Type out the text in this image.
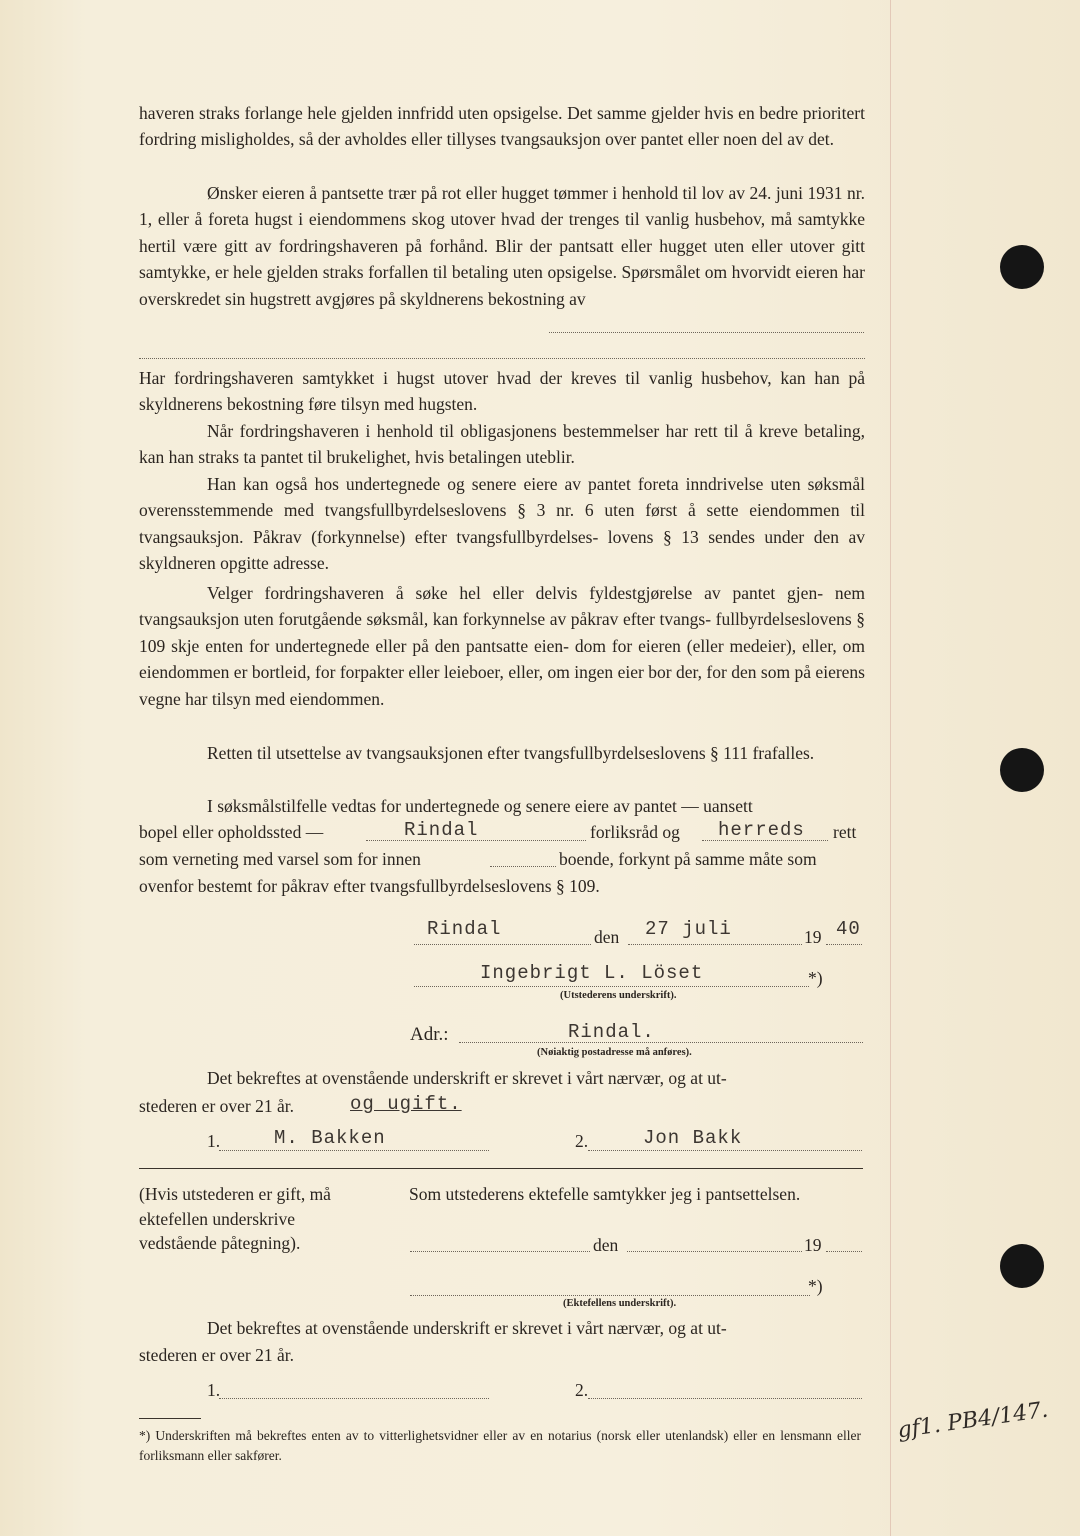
haveren straks forlange hele gjelden innfridd uten opsigelse. Det samme gjelder hvis en bedre prioritert fordring misligholdes, så der avholdes eller tillyses tvangsauksjon over pantet eller noen del av det.

Ønsker eieren å pantsette trær på rot eller hugget tømmer i henhold til lov av 24. juni 1931 nr. 1, eller å foreta hugst i eiendommens skog utover hvad der trenges til vanlig husbehov, må samtykke hertil være gitt av fordringshaveren på forhånd. Blir der pantsatt eller hugget uten eller utover gitt samtykke, er hele gjelden straks forfallen til betaling uten opsigelse. Spørsmålet om hvorvidt eieren har overskredet sin hugstrett avgjøres på skyldnerens bekostning av

Har fordringshaveren samtykket i hugst utover hvad der kreves til vanlig husbehov, kan han på skyldnerens bekostning føre tilsyn med hugsten.

Når fordringshaveren i henhold til obligasjonens bestemmelser har rett til å kreve betaling, kan han straks ta pantet til brukelighet, hvis betalingen uteblir.

Han kan også hos undertegnede og senere eiere av pantet foreta inndrivelse uten søksmål overensstemmende med tvangsfullbyrdelseslovens § 3 nr. 6 uten først å sette eiendommen til tvangsauksjon. Påkrav (forkynnelse) efter tvangsfullbyrdelses- lovens § 13 sendes under den av skyldneren opgitte adresse.

Velger fordringshaveren å søke hel eller delvis fyldestgjørelse av pantet gjen- nem tvangsauksjon uten forutgående søksmål, kan forkynnelse av påkrav efter tvangs- fullbyrdelseslovens § 109 skje enten for undertegnede eller på den pantsatte eien- dom for eieren (eller medeier), eller, om eiendommen er bortleid, for forpakter eller leieboer, eller, om ingen eier bor der, for den som på eierens vegne har tilsyn med eiendommen.

Retten til utsettelse av tvangsauksjonen efter tvangsfullbyrdelseslovens § 111 frafalles.

I søksmålstilfelle vedtas for undertegnede og senere eiere av pantet — uansett

bopel eller opholdssted —	Rindal	forliksråd og herreds rett
som verneting med varsel som for innen	boende, forkynt på samme måte som
ovenfor bestemt for påkrav efter tvangsfullbyrdelseslovens § 109.
Rindal	den 27 juli	19 40
Ingebrigt L. Löset	*)
(Utstederens underskrift).
Adr.:	Rindal.
(Nøiaktig postadresse må anføres).
Det bekreftes at ovenstående underskrift er skrevet i vårt nærvær, og at ut-
stederen er over 21 år.	og ugift.
1.	M. Bakken	2.	Jon Bakk

(Hvis utstederen er gift, må ektefellen underskrive vedstående påtegning).

Som utstederens ektefelle samtykker jeg i pantsettelsen.
den	19
*)
(Ektefellens underskrift).
Det bekreftes at ovenstående underskrift er skrevet i vårt nærvær, og at ut-
stederen er over 21 år.
1.	2.

*) Underskriften må bekreftes enten av to vitterlighetsvidner eller av en notarius (norsk eller utenlandsk) eller en lensmann eller forliksmann eller sakfører.

gf1. PB4/147.
